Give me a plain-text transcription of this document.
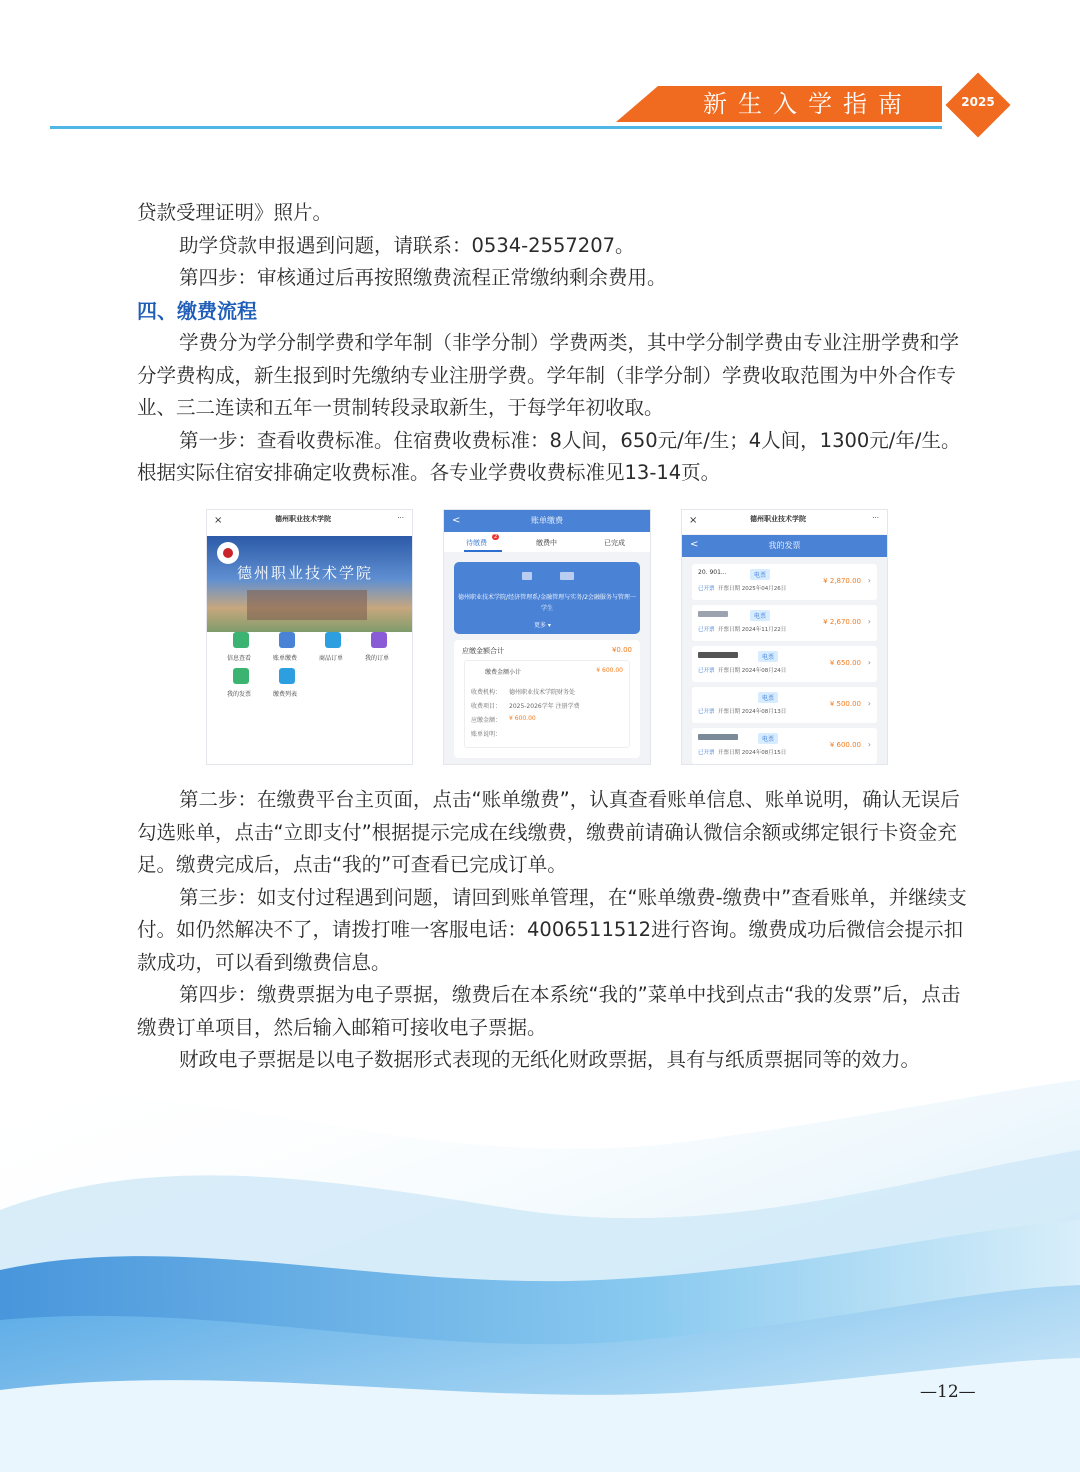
新生入学指南	2025

贷款受理证明》照片。

助学贷款申报遇到问题，请联系：0534-2557207。

第四步：审核通过后再按照缴费流程正常缴纳剩余费用。

四、缴费流程

学费分为学分制学费和学年制（非学分制）学费两类，其中学分制学费由专业注册学费和学分学费构成，新生报到时先缴纳专业注册学费。学年制（非学分制）学费收取范围为中外合作专业、三二连读和五年一贯制转段录取新生，于每学年初收取。

第一步：查看收费标准。住宿费收费标准：8人间，650元/年/生；4人间，1300元/年/生。根据实际住宿安排确定收费标准。各专业学费收费标准见13-14页。

×	德州职业技术学院	···
德州职业技术学院
信息查看	账单缴费	商品订单	我的订单
我的发票	缴费列表
账单缴费
<
待缴费
2
缴费中	已完成
德州职业技术学院/经济管理系/金融管理与实务/2会融服务与管理一 学生
更多 ▾
应缴金额合计	¥0.00
缴费金额小计	¥ 600.00
收费机构： 德州职业技术学院财务处
收费项目： 2025-2026学年 注册学费
应缴金额： ¥ 600.00
账单说明：
×	德州职业技术学院	···
我的发票
<
20. 901...	电票
已开票 开票日期 2025年04月26日
¥ 2,870.00 ›
电票
已开票 开票日期 2024年11月22日
¥ 2,670.00 ›
电票
已开票 开票日期 2024年08月24日
¥ 650.00 ›
电票
已开票 开票日期 2024年08月13日
¥ 500.00 ›
电票
已开票 开票日期 2024年08月15日
¥ 600.00 ›

第二步：在缴费平台主页面，点击“账单缴费”，认真查看账单信息、账单说明，确认无误后勾选账单，点击“立即支付”根据提示完成在线缴费，缴费前请确认微信余额或绑定银行卡资金充足。缴费完成后，点击“我的”可查看已完成订单。

第三步：如支付过程遇到问题，请回到账单管理，在“账单缴费-缴费中”查看账单，并继续支付。如仍然解决不了，请拨打唯一客服电话：4006511512进行咨询。缴费成功后微信会提示扣款成功，可以看到缴费信息。

第四步：缴费票据为电子票据，缴费后在本系统“我的”菜单中找到点击“我的发票”后，点击缴费订单项目，然后输入邮箱可接收电子票据。

财政电子票据是以电子数据形式表现的无纸化财政票据，具有与纸质票据同等的效力。

—12—
